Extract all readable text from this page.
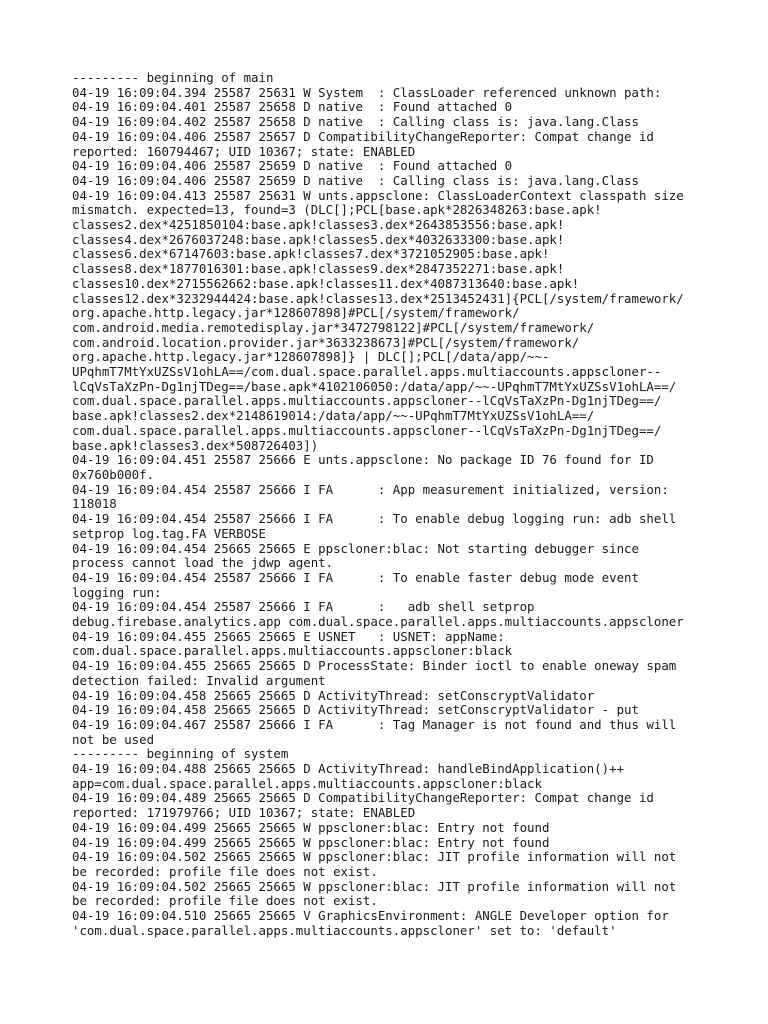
--------- beginning of main
04-19 16:09:04.394 25587 25631 W System  : ClassLoader referenced unknown path:
04-19 16:09:04.401 25587 25658 D native  : Found attached 0
04-19 16:09:04.402 25587 25658 D native  : Calling class is: java.lang.Class
04-19 16:09:04.406 25587 25657 D CompatibilityChangeReporter: Compat change id
reported: 160794467; UID 10367; state: ENABLED
04-19 16:09:04.406 25587 25659 D native  : Found attached 0
04-19 16:09:04.406 25587 25659 D native  : Calling class is: java.lang.Class
04-19 16:09:04.413 25587 25631 W unts.appsclone: ClassLoaderContext classpath size
mismatch. expected=13, found=3 (DLC[];PCL[base.apk*2826348263:base.apk!
classes2.dex*4251850104:base.apk!classes3.dex*2643853556:base.apk!
classes4.dex*2676037248:base.apk!classes5.dex*4032633300:base.apk!
classes6.dex*67147603:base.apk!classes7.dex*3721052905:base.apk!
classes8.dex*1877016301:base.apk!classes9.dex*2847352271:base.apk!
classes10.dex*2715562662:base.apk!classes11.dex*4087313640:base.apk!
classes12.dex*3232944424:base.apk!classes13.dex*2513452431]{PCL[/system/framework/
org.apache.http.legacy.jar*128607898]#PCL[/system/framework/
com.android.media.remotedisplay.jar*3472798122]#PCL[/system/framework/
com.android.location.provider.jar*3633238673]#PCL[/system/framework/
org.apache.http.legacy.jar*128607898]} | DLC[];PCL[/data/app/~~-
UPqhmT7MtYxUZSsV1ohLA==/com.dual.space.parallel.apps.multiaccounts.appscloner--
lCqVsTaXzPn-Dg1njTDeg==/base.apk*4102106050:/data/app/~~-UPqhmT7MtYxUZSsV1ohLA==/
com.dual.space.parallel.apps.multiaccounts.appscloner--lCqVsTaXzPn-Dg1njTDeg==/
base.apk!classes2.dex*2148619014:/data/app/~~-UPqhmT7MtYxUZSsV1ohLA==/
com.dual.space.parallel.apps.multiaccounts.appscloner--lCqVsTaXzPn-Dg1njTDeg==/
base.apk!classes3.dex*508726403])
04-19 16:09:04.451 25587 25666 E unts.appsclone: No package ID 76 found for ID
0x760b000f.
04-19 16:09:04.454 25587 25666 I FA      : App measurement initialized, version:
118018
04-19 16:09:04.454 25587 25666 I FA      : To enable debug logging run: adb shell
setprop log.tag.FA VERBOSE
04-19 16:09:04.454 25665 25665 E ppscloner:blac: Not starting debugger since
process cannot load the jdwp agent.
04-19 16:09:04.454 25587 25666 I FA      : To enable faster debug mode event
logging run:
04-19 16:09:04.454 25587 25666 I FA      :   adb shell setprop
debug.firebase.analytics.app com.dual.space.parallel.apps.multiaccounts.appscloner
04-19 16:09:04.455 25665 25665 E USNET   : USNET: appName:
com.dual.space.parallel.apps.multiaccounts.appscloner:black
04-19 16:09:04.455 25665 25665 D ProcessState: Binder ioctl to enable oneway spam
detection failed: Invalid argument
04-19 16:09:04.458 25665 25665 D ActivityThread: setConscryptValidator
04-19 16:09:04.458 25665 25665 D ActivityThread: setConscryptValidator - put
04-19 16:09:04.467 25587 25666 I FA      : Tag Manager is not found and thus will
not be used
--------- beginning of system
04-19 16:09:04.488 25665 25665 D ActivityThread: handleBindApplication()++
app=com.dual.space.parallel.apps.multiaccounts.appscloner:black
04-19 16:09:04.489 25665 25665 D CompatibilityChangeReporter: Compat change id
reported: 171979766; UID 10367; state: ENABLED
04-19 16:09:04.499 25665 25665 W ppscloner:blac: Entry not found
04-19 16:09:04.499 25665 25665 W ppscloner:blac: Entry not found
04-19 16:09:04.502 25665 25665 W ppscloner:blac: JIT profile information will not
be recorded: profile file does not exist.
04-19 16:09:04.502 25665 25665 W ppscloner:blac: JIT profile information will not
be recorded: profile file does not exist.
04-19 16:09:04.510 25665 25665 V GraphicsEnvironment: ANGLE Developer option for
'com.dual.space.parallel.apps.multiaccounts.appscloner' set to: 'default'
